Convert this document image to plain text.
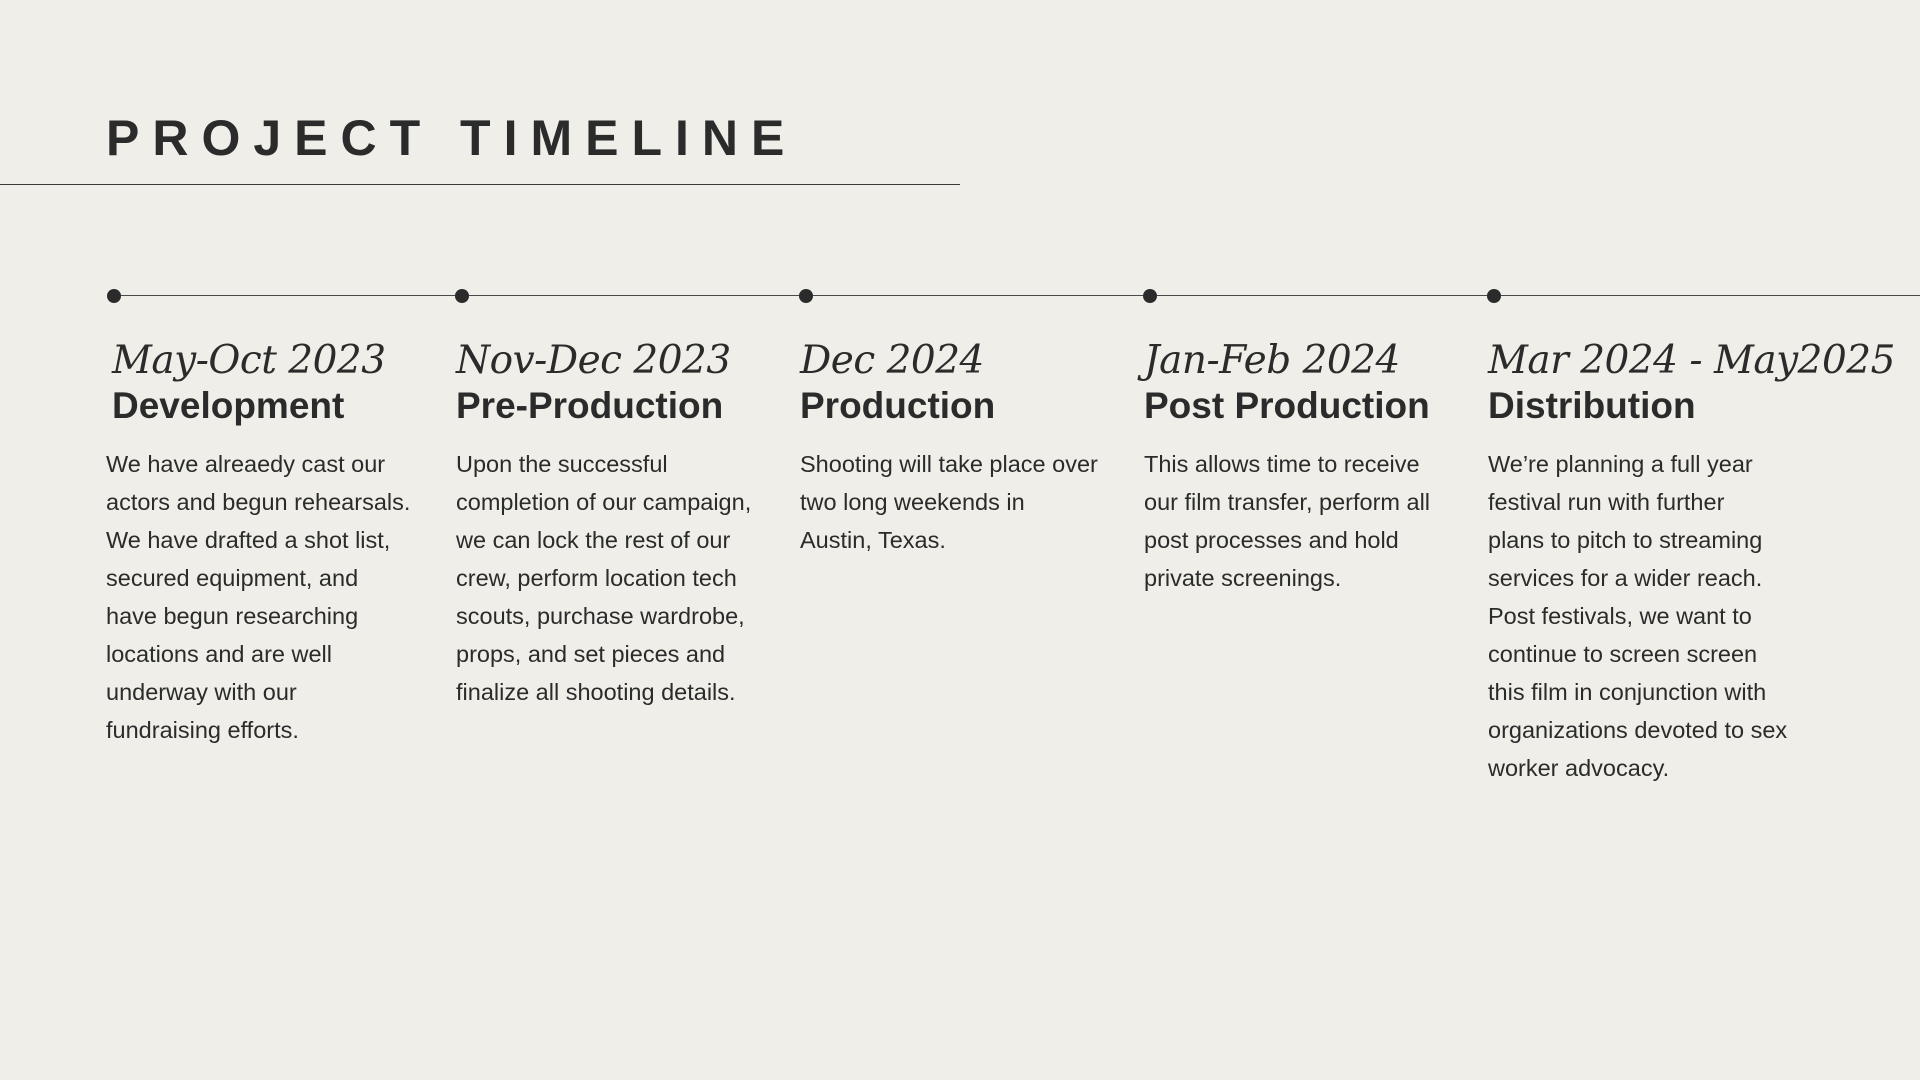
PROJECT TIMELINE
May-Oct 2023
Development

We have alreaedy cast our
actors and begun rehearsals.
We have drafted a shot list,
secured equipment, and
have begun researching
locations and are well
underway with our
fundraising efforts.

Nov-Dec 2023
Pre-Production

Upon the successful
completion of our campaign,
we can lock the rest of our
crew, perform location tech
scouts, purchase wardrobe,
props, and set pieces and
finalize all shooting details.

Dec 2024
Production

Shooting will take place over
two long weekends in
Austin, Texas.

Jan-Feb 2024
Post Production

This allows time to receive
our film transfer, perform all
post processes and hold
private screenings.

Mar 2024 - May2025
Distribution

We’re planning a full year
festival run with further
plans to pitch to streaming
services for a wider reach.
Post festivals, we want to
continue to screen screen
this film in conjunction with
organizations devoted to sex
worker advocacy.
